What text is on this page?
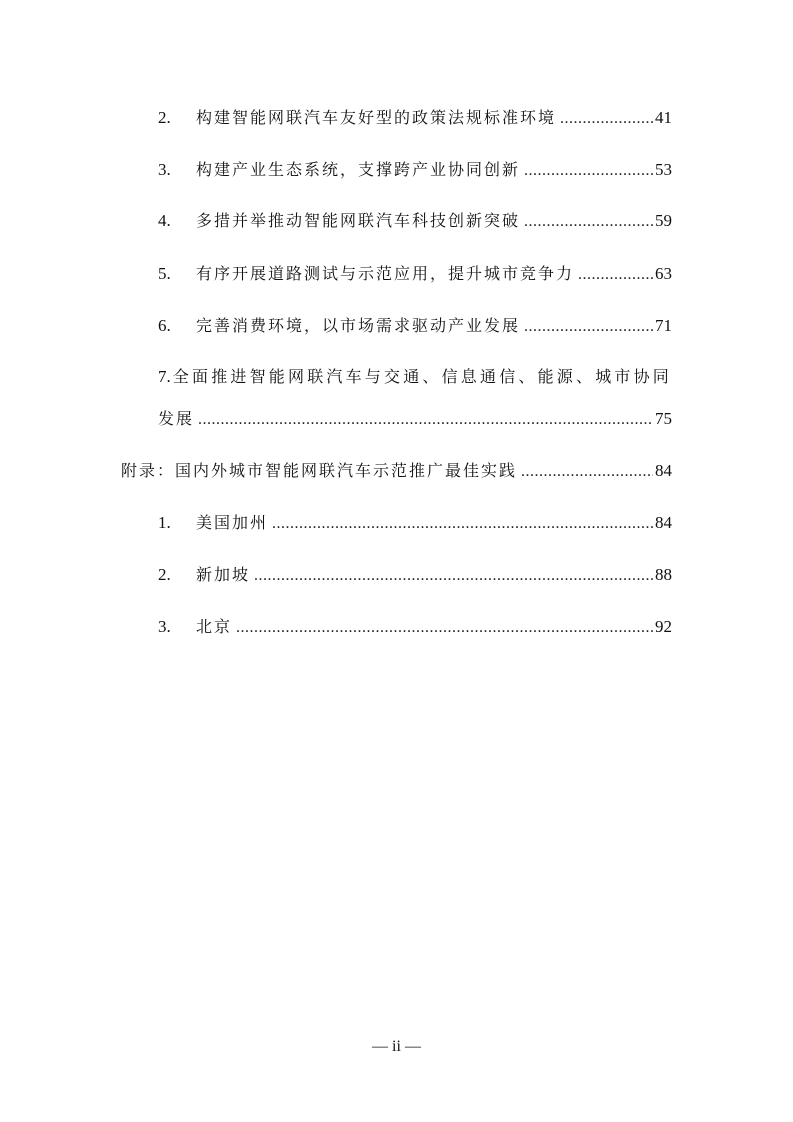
2.	构建智能网联汽车友好型的政策法规标准环境 .....	41
3.	构建产业生态系统，支撑跨产业协同创新 .....	53
4.	多措并举推动智能网联汽车科技创新突破 .....	59
5.	有序开展道路测试与示范应用，提升城市竞争力 .....	63
6.	完善消费环境，以市场需求驱动产业发展 .....	71
7. 全面推进智能网联汽车与交通、信息通信、能源、城市协同
发展 .....	75
附录：国内外城市智能网联汽车示范推广最佳实践 .....	84
1.	美国加州 .....	84
2.	新加坡 .....	88
3.	北京 .....	92
— ii —
